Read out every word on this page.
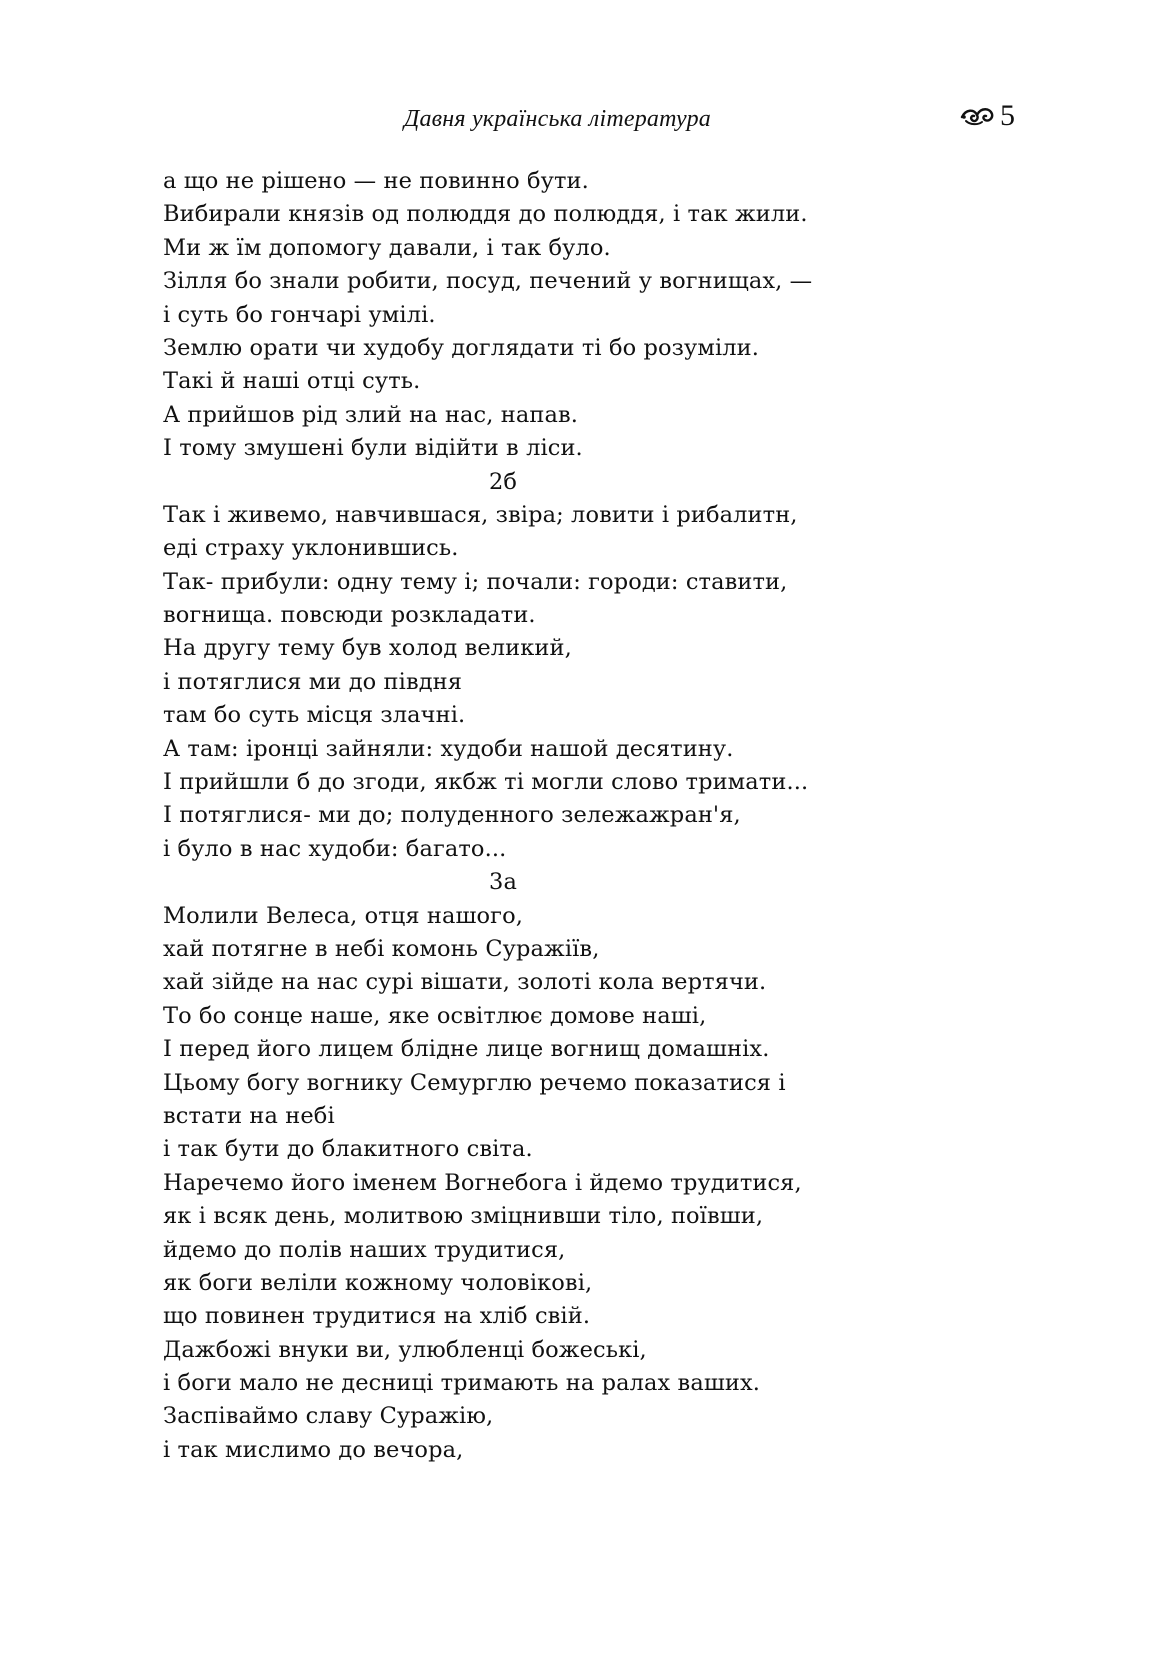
Давня українська література	5
а що не рішено — не повинно бути.
Вибирали князів од полюддя до полюддя, і так жили.
Ми ж їм допомогу давали, і так було.
Зілля бо знали робити, посуд, печений у вогнищах, —
і суть бо гончарі умілі.
Землю орати чи худобу доглядати ті бо розуміли.
Такі й наші отці суть.
А прийшов рід злий на нас, напав.
І тому змушені були відійти в ліси.
2б
Так і живемо, навчившася, звіра; ловити і рибалитн,
еді страху уклонившись.
Так- прибули: одну тему і; почали: городи: ставити,
вогнища. повсюди розкладати.
На другу тему був холод великий,
і потяглися ми до півдня
там бо суть місця злачні.
А там: іронці зайняли: худоби нашой десятину.
І прийшли б до згоди, якбж ті могли слово тримати...
І потяглися- ми до; полуденного зележажран'я,
і було в нас худоби: багато...
3а
Молили Велеса, отця нашого,
хай потягне в небі комонь Суражіїв,
хай зійде на нас сурі вішати, золоті кола вертячи.
То бо сонце наше, яке освітлює домове наші,
І перед його лицем блідне лице вогнищ домашніх.
Цьому богу вогнику Семурглю речемо показатися і
встати на небі
і так бути до блакитного світа.
Наречемо його іменем Вогнебога і йдемо трудитися,
як і всяк день, молитвою зміцнивши тіло, поївши,
йдемо до полів наших трудитися,
як боги веліли кожному чоловікові,
що повинен трудитися на хліб свій.
Дажбожі внуки ви, улюбленці божеські,
і боги мало не десниці тримають на ралах ваших.
Заспіваймо славу Суражію,
і так мислимо до вечора,
